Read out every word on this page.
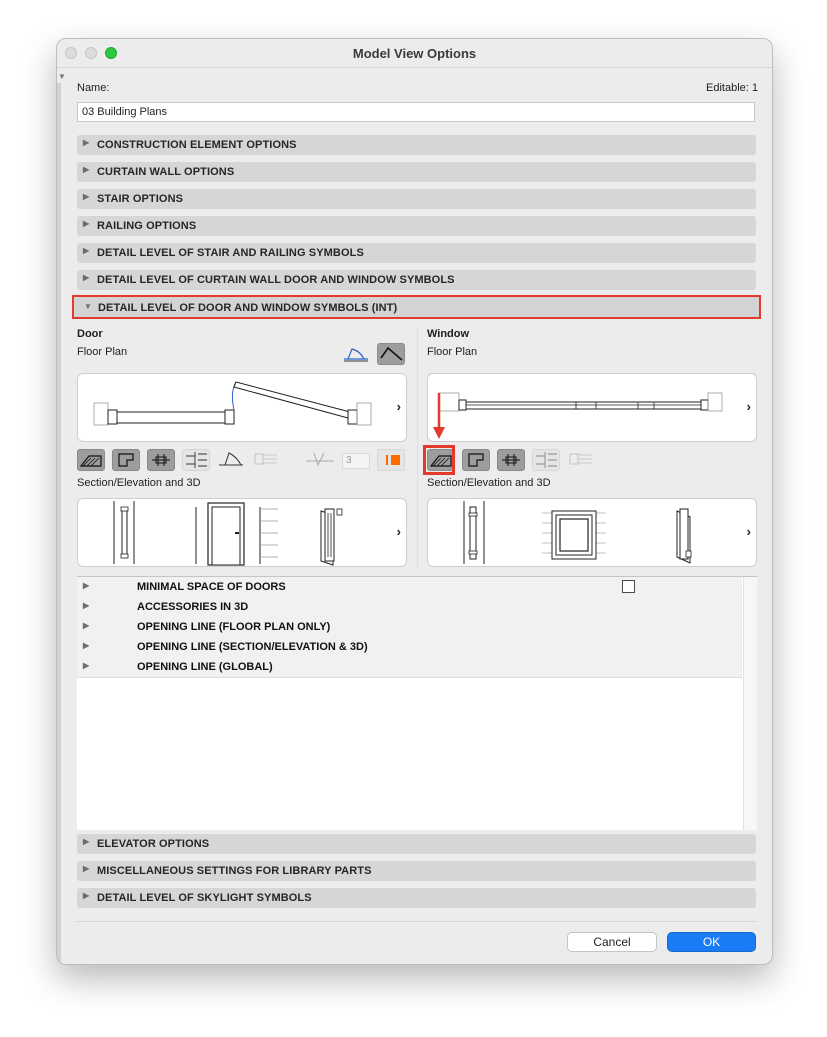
Model View Options
▼
Name:	Editable: 1
03 Building Plans
▶ CONSTRUCTION ELEMENT OPTIONS
▶ CURTAIN WALL OPTIONS
▶ STAIR OPTIONS
▶ RAILING OPTIONS
▶ DETAIL LEVEL OF STAIR AND RAILING SYMBOLS
▶ DETAIL LEVEL OF CURTAIN WALL DOOR AND WINDOW SYMBOLS
▼ DETAIL LEVEL OF DOOR AND WINDOW SYMBOLS (INT)
Door
Floor Plan
›
3
Section/Elevation and 3D
›
Window
Floor Plan
›
Section/Elevation and 3D
›
▶	MINIMAL SPACE OF DOORS
▶	ACCESSORIES IN 3D
▶	OPENING LINE (FLOOR PLAN ONLY)
▶	OPENING LINE (SECTION/ELEVATION & 3D)
▶	OPENING LINE (GLOBAL)
▶ ELEVATOR OPTIONS
▶ MISCELLANEOUS SETTINGS FOR LIBRARY PARTS
▶ DETAIL LEVEL OF SKYLIGHT SYMBOLS
Cancel	OK
